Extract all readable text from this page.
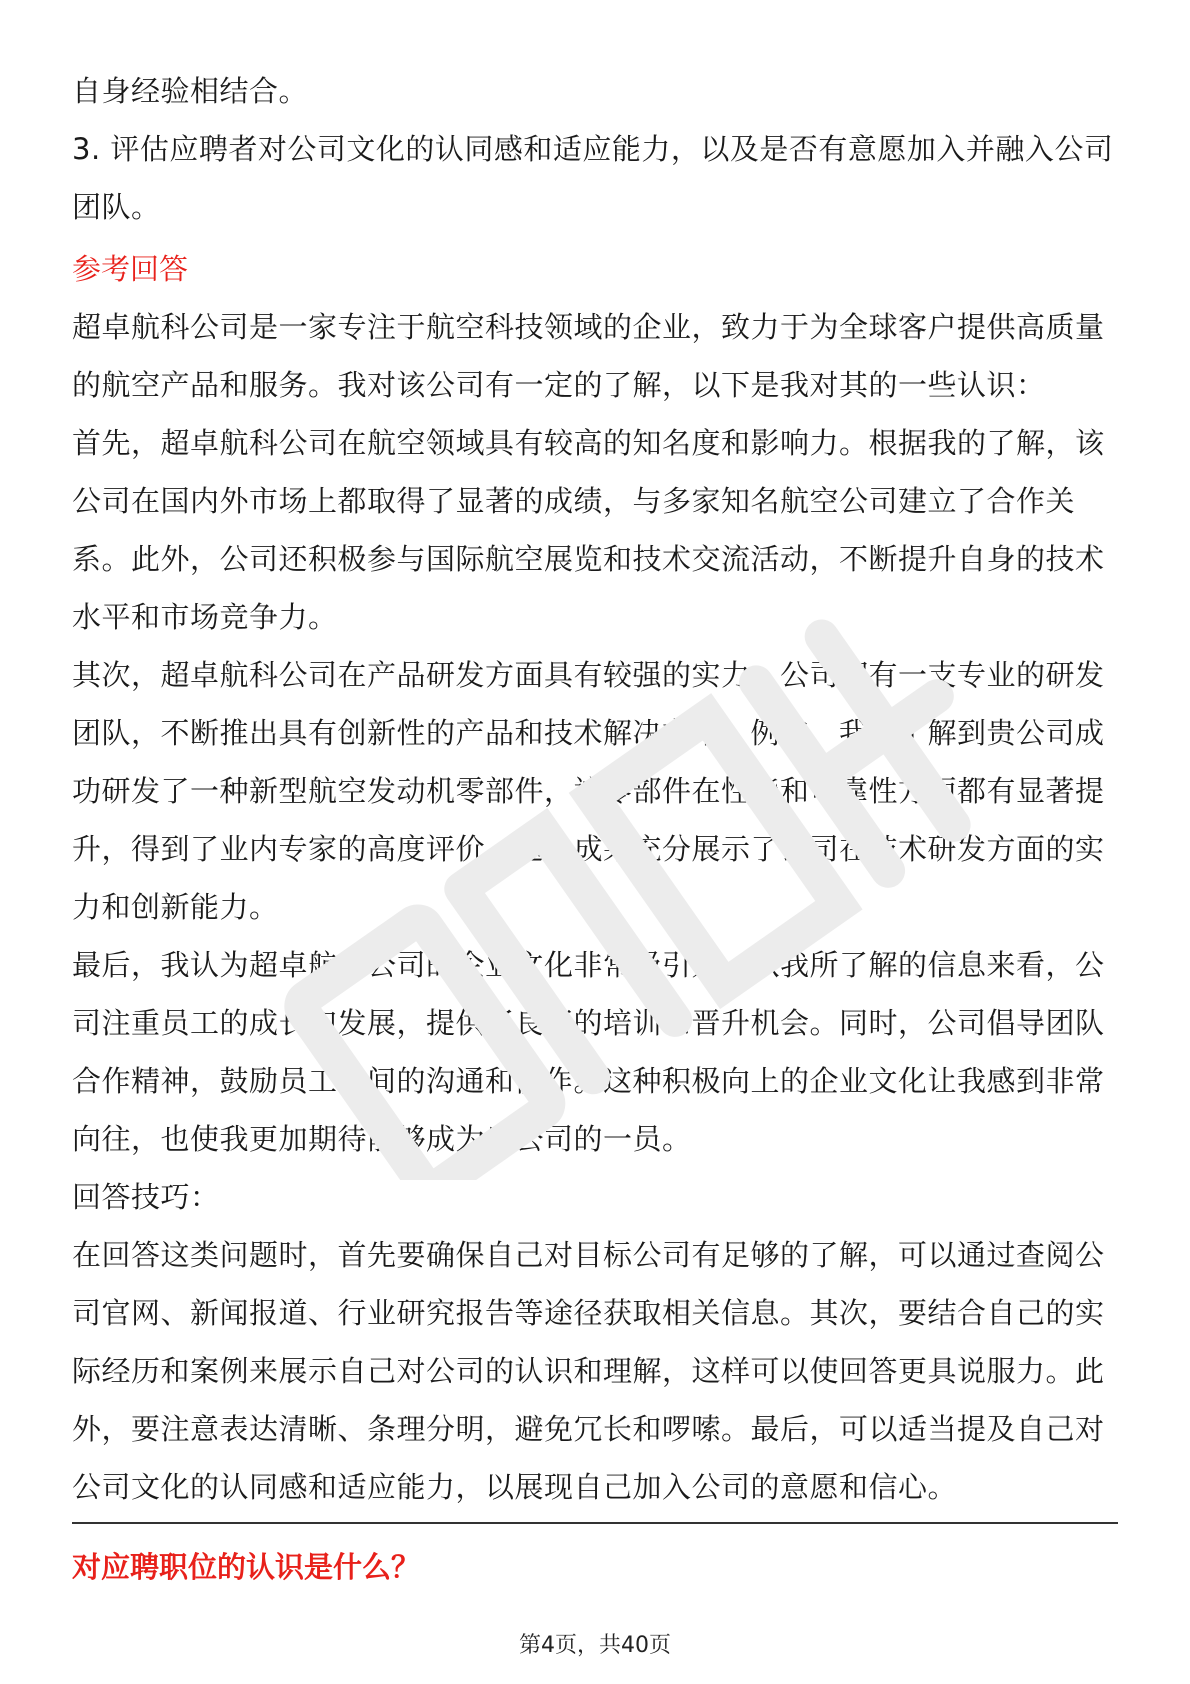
自身经验相结合。

3. 评估应聘者对公司文化的认同感和适应能力，以及是否有意愿加入并融入公司团队。

参考回答

超卓航科公司是一家专注于航空科技领域的企业，致力于为全球客户提供高质量的航空产品和服务。我对该公司有一定的了解，以下是我对其的一些认识：

首先，超卓航科公司在航空领域具有较高的知名度和影响力。根据我的了解，该公司在国内外市场上都取得了显著的成绩，与多家知名航空公司建立了合作关系。此外，公司还积极参与国际航空展览和技术交流活动，不断提升自身的技术水平和市场竞争力。

其次，超卓航科公司在产品研发方面具有较强的实力。公司拥有一支专业的研发团队，不断推出具有创新性的产品和技术解决方案。例如，我曾了解到贵公司成功研发了一种新型航空发动机零部件，该零部件在性能和可靠性方面都有显著提升，得到了业内专家的高度评价。这一成果充分展示了公司在技术研发方面的实力和创新能力。

最后，我认为超卓航科公司的企业文化非常吸引人。从我所了解的信息来看，公司注重员工的成长和发展，提供了良好的培训和晋升机会。同时，公司倡导团队合作精神，鼓励员工之间的沟通和协作。这种积极向上的企业文化让我感到非常向往，也使我更加期待能够成为贵公司的一员。

回答技巧：

在回答这类问题时，首先要确保自己对目标公司有足够的了解，可以通过查阅公司官网、新闻报道、行业研究报告等途径获取相关信息。其次，要结合自己的实际经历和案例来展示自己对公司的认识和理解，这样可以使回答更具说服力。此外，要注意表达清晰、条理分明，避免冗长和啰嗦。最后，可以适当提及自己对公司文化的认同感和适应能力，以展现自己加入公司的意愿和信心。

对应聘职位的认识是什么？

第4页，共40页
